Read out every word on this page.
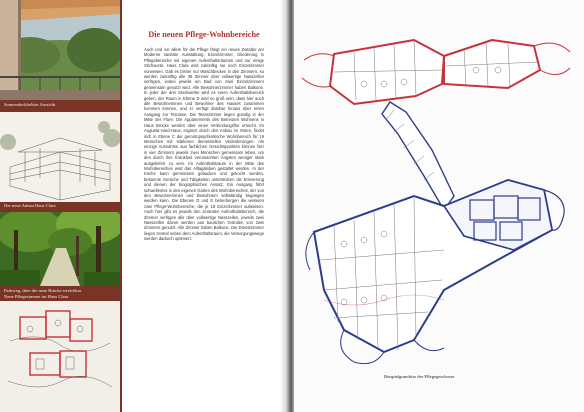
Sonnendeckheliste Aussicht
Der neue Anbau Haus Clara
Parkweg, über die neue Brücke erreichbar
Neue Pflegezimmer im Haus Clara
Die neuen Pflege-Wohnbereiche

Auch und vor allem für die Pflege fängt ein neues Zeitalter an! Moderne sanitäre Ausstattung, Einzelzimmer, Gliederung in Pflegebereiche mit eigenen Aufenthaltsräumen und nur einige Stichworte. Haus Clara wird zukünftig nur noch Einzelzimmer vorweisen. Gab es bisher nur Waschbecken in den Zimmern, so werden zukünftig alle 36 Zimmer über vollwertige Nasszellen verfügen, wobei jeweils ein Bad von zwei Einzelzimmern gemeinsam genutzt wird. Alle Bewohnerzimmer haben Balkone. In jeder der drei Stockwerke wird es einen Aufenthaltsbereich geben, der Raum in Ebene D wird so groß sein, dass hier auch alle Bewohnerinnen und Bewohner des Hauses zusammen kommen können, und er verfügt darüber hinaus über einen Ausgang zur Terrasse. Die Teamzimmer liegen günstig in der Mitte der Flure. Die Appartements des Betreuten Wohnens in Haus Brücke werden über einen Verbindungsflur erreicht. Im Augusta-Hard-Haus, ergänzt durch den Anbau im Osten, findet sich in Ebene C der gerontopsychiatrische Wohnbereich für 19 Menschen mit stärkeren dementiellen Veränderungen. Als einzige Ausnahme aus fachlichen Gesichtspunkten können hier in vier Zimmern jeweils zwei Menschen gemeinsam leben, um den durch ihre Krankheit verursachten Ängsten weniger stark ausgeliefert zu sein. Im Aufenthaltsraum in der Mitte des Wohnbereiches wird das Alltagsleben gestaltet werden. In der Küche kann gemeinsam gebacken und gekocht werden, bekannte Gerüche und Tätigkeiten unterstützen die Erinnerung und dienen der biographischen Ansatz. Ein Ausgang führt schwellenlos in den eigenen Garten des Wohnbereiches, der von den Bewohnerinnen und Bewohnern selbständig begangen werden kann. Die Ebenen D und E beherbergen die weiteren zwei Pflege-Wohnbereiche, die je 18 Einzelzimmer aufweisen. Auch hier gibt es jeweils den zentralen Aufenthaltsbereich, die Zimmer verfügen alle über vollwertige Nasszellen, jeweils zwei Nasszellen davon werden aus baulichen Gründen von zwei Zimmern genutzt. Alle Zimmer haben Balkone. Die Dienstzimmer liegen zentral neben dem Aufenthaltsraum, die Versorgungswege werden dadurch optimiert.

Beispielgrundriss der Pflegegeschosse
